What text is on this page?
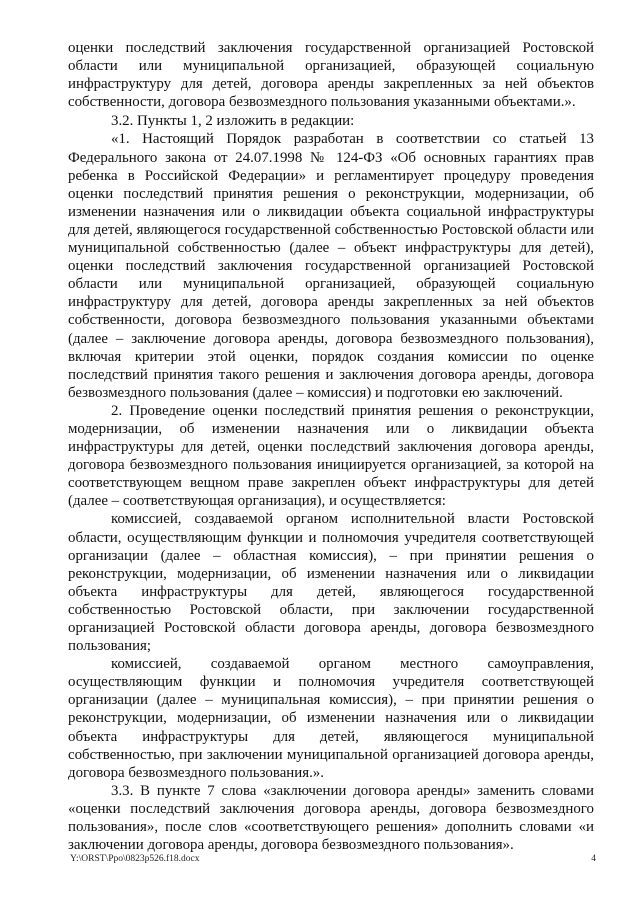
оценки последствий заключения государственной организацией Ростовской области или муниципальной организацией, образующей социальную инфраструктуру для детей, договора аренды закрепленных за ней объектов собственности, договора безвозмездного пользования указанными объектами.».

3.2. Пункты 1, 2 изложить в редакции:

«1. Настоящий Порядок разработан в соответствии со статьей 13 Федерального закона от 24.07.1998 № 124-ФЗ «Об основных гарантиях прав ребенка в Российской Федерации» и регламентирует процедуру проведения оценки последствий принятия решения о реконструкции, модернизации, об изменении назначения или о ликвидации объекта социальной инфраструктуры для детей, являющегося государственной собственностью Ростовской области или муниципальной собственностью (далее – объект инфраструктуры для детей), оценки последствий заключения государственной организацией Ростовской области или муниципальной организацией, образующей социальную инфраструктуру для детей, договора аренды закрепленных за ней объектов собственности, договора безвозмездного пользования указанными объектами (далее – заключение договора аренды, договора безвозмездного пользования), включая критерии этой оценки, порядок создания комиссии по оценке последствий принятия такого решения и заключения договора аренды, договора безвозмездного пользования (далее – комиссия) и подготовки ею заключений.

2. Проведение оценки последствий принятия решения о реконструкции, модернизации, об изменении назначения или о ликвидации объекта инфраструктуры для детей, оценки последствий заключения договора аренды, договора безвозмездного пользования инициируется организацией, за которой на соответствующем вещном праве закреплен объект инфраструктуры для детей (далее – соответствующая организация), и осуществляется:

комиссией, создаваемой органом исполнительной власти Ростовской области, осуществляющим функции и полномочия учредителя соответствующей организации (далее – областная комиссия), – при принятии решения о реконструкции, модернизации, об изменении назначения или о ликвидации объекта инфраструктуры для детей, являющегося государственной собственностью Ростовской области, при заключении государственной организацией Ростовской области договора аренды, договора безвозмездного пользования;

комиссией, создаваемой органом местного самоуправления, осуществляющим функции и полномочия учредителя соответствующей организации (далее – муниципальная комиссия), – при принятии решения о реконструкции, модернизации, об изменении назначения или о ликвидации объекта инфраструктуры для детей, являющегося муниципальной собственностью, при заключении муниципальной организацией договора аренды, договора безвозмездного пользования.».

3.3. В пункте 7 слова «заключении договора аренды» заменить словами «оценки последствий заключения договора аренды, договора безвозмездного пользования», после слов «соответствующего решения» дополнить словами «и заключении договора аренды, договора безвозмездного пользования».

Y:\ORST\Ppo\0823p526.f18.docx	4
